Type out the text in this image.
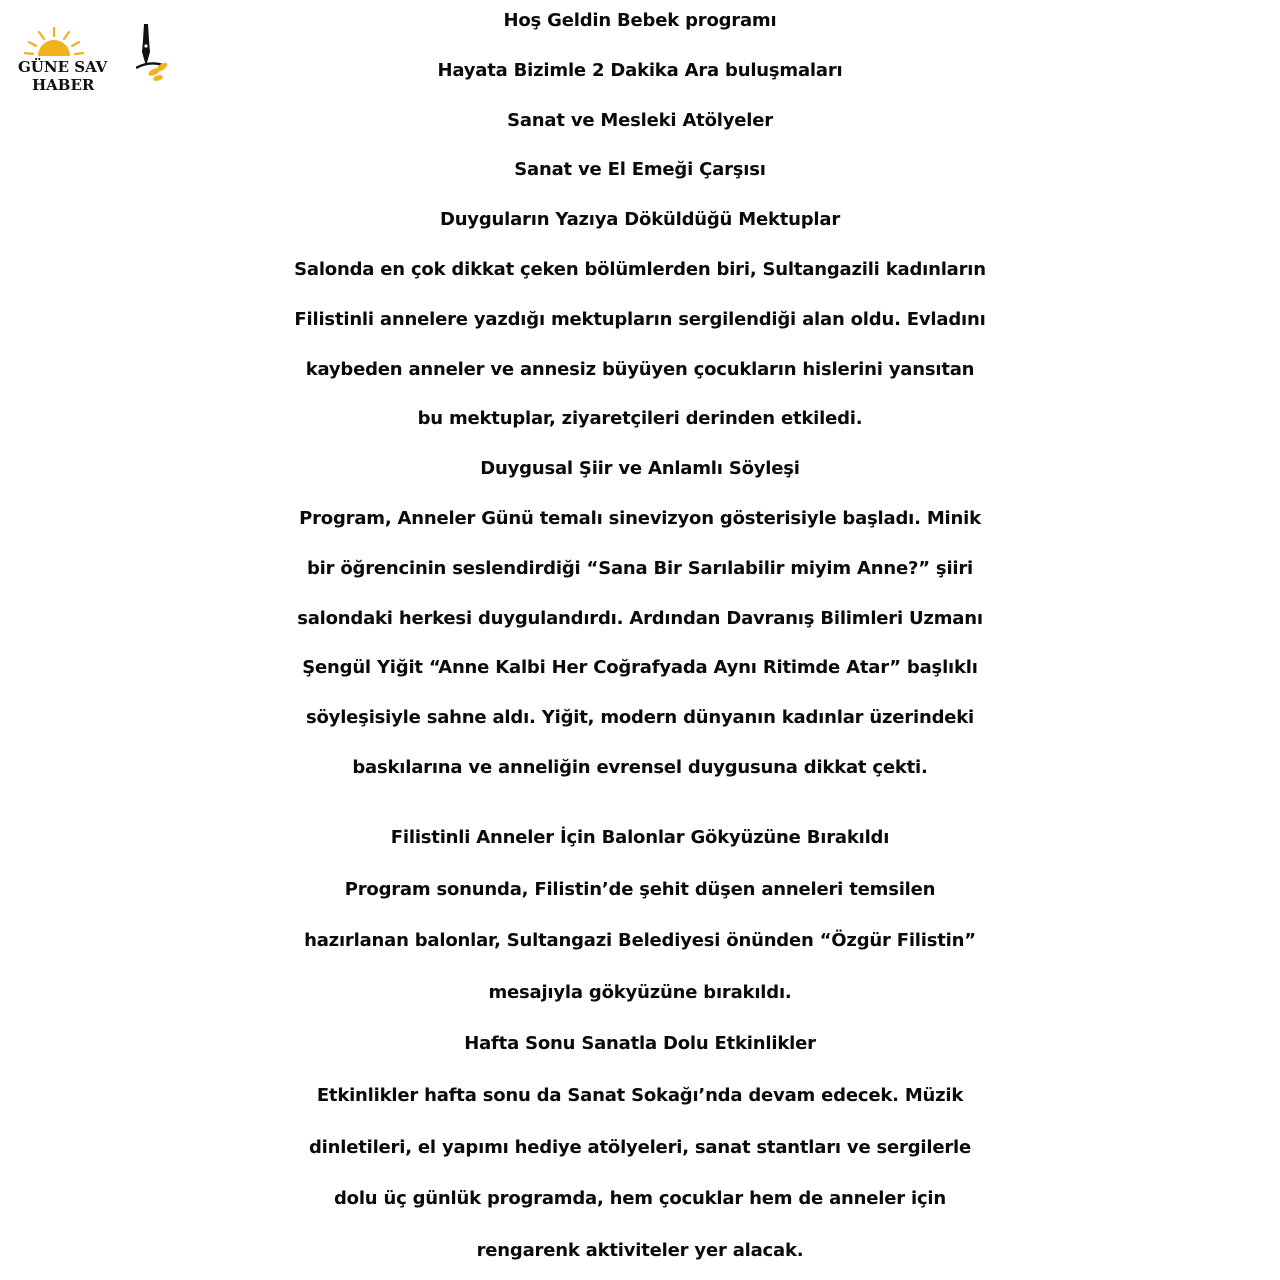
GÜNE SAV
HABER
Hoş Geldin Bebek programı
Hayata Bizimle 2 Dakika Ara buluşmaları
Sanat ve Mesleki Atölyeler
Sanat ve El Emeği Çarşısı
Duyguların Yazıya Döküldüğü Mektuplar
Salonda en çok dikkat çeken bölümlerden biri, Sultangazili kadınların
Filistinli annelere yazdığı mektupların sergilendiği alan oldu. Evladını
kaybeden anneler ve annesiz büyüyen çocukların hislerini yansıtan
bu mektuplar, ziyaretçileri derinden etkiledi.
Duygusal Şiir ve Anlamlı Söyleşi
Program, Anneler Günü temalı sinevizyon gösterisiyle başladı. Minik
bir öğrencinin seslendirdiği “Sana Bir Sarılabilir miyim Anne?” şiiri
salondaki herkesi duygulandırdı. Ardından Davranış Bilimleri Uzmanı
Şengül Yiğit “Anne Kalbi Her Coğrafyada Aynı Ritimde Atar” başlıklı
söyleşisiyle sahne aldı. Yiğit, modern dünyanın kadınlar üzerindeki
baskılarına ve anneliğin evrensel duygusuna dikkat çekti.
Filistinli Anneler İçin Balonlar Gökyüzüne Bırakıldı
Program sonunda, Filistin’de şehit düşen anneleri temsilen
hazırlanan balonlar, Sultangazi Belediyesi önünden “Özgür Filistin”
mesajıyla gökyüzüne bırakıldı.
Hafta Sonu Sanatla Dolu Etkinlikler
Etkinlikler hafta sonu da Sanat Sokağı’nda devam edecek. Müzik
dinletileri, el yapımı hediye atölyeleri, sanat stantları ve sergilerle
dolu üç günlük programda, hem çocuklar hem de anneler için
rengarenk aktiviteler yer alacak.
